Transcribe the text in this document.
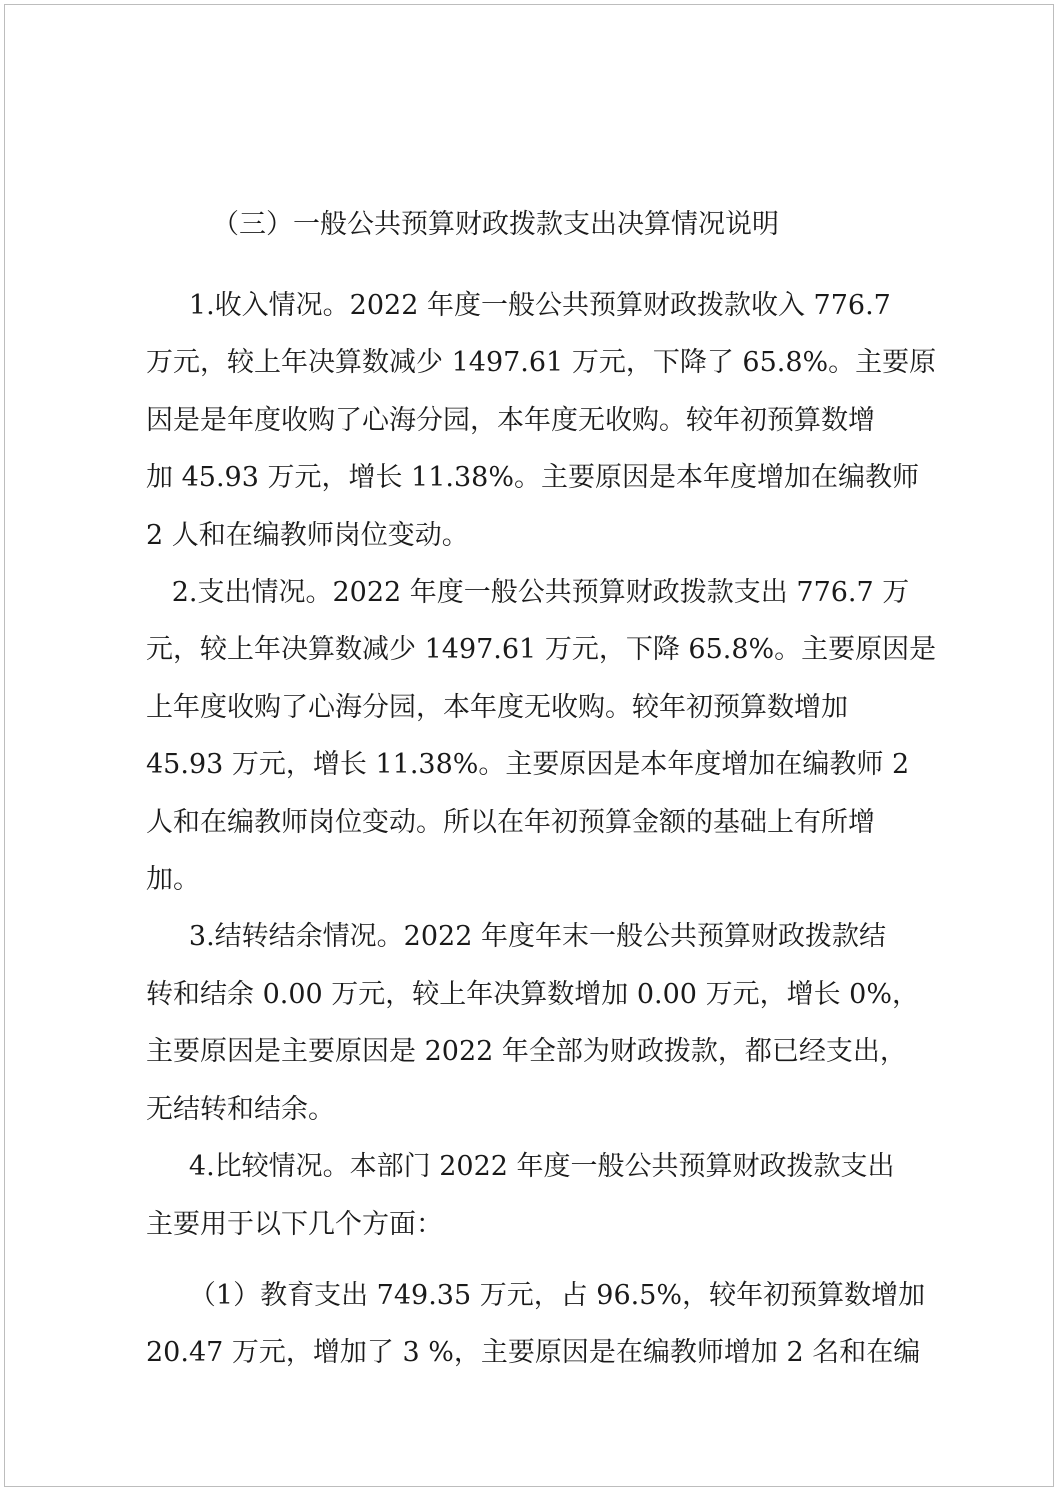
（三）一般公共预算财政拨款支出决算情况说明
1.收入情况。2022 年度一般公共预算财政拨款收入 776.7
万元，较上年决算数减少 1497.61 万元，下降了 65.8%。主要原
因是是年度收购了心海分园，本年度无收购。较年初预算数增
加 45.93 万元，增长 11.38%。主要原因是本年度增加在编教师
2 人和在编教师岗位变动。
2.支出情况。2022 年度一般公共预算财政拨款支出 776.7 万
元，较上年决算数减少 1497.61 万元，下降 65.8%。主要原因是
上年度收购了心海分园，本年度无收购。较年初预算数增加
45.93 万元，增长 11.38%。主要原因是本年度增加在编教师 2
人和在编教师岗位变动。所以在年初预算金额的基础上有所增
加。
3.结转结余情况。2022 年度年末一般公共预算财政拨款结
转和结余 0.00 万元，较上年决算数增加 0.00 万元，增长 0%，
主要原因是主要原因是 2022 年全部为财政拨款，都已经支出，
无结转和结余。
4.比较情况。本部门 2022 年度一般公共预算财政拨款支出
主要用于以下几个方面：
（1）教育支出 749.35 万元，占 96.5%，较年初预算数增加
20.47 万元，增加了 3 %，主要原因是在编教师增加 2 名和在编
